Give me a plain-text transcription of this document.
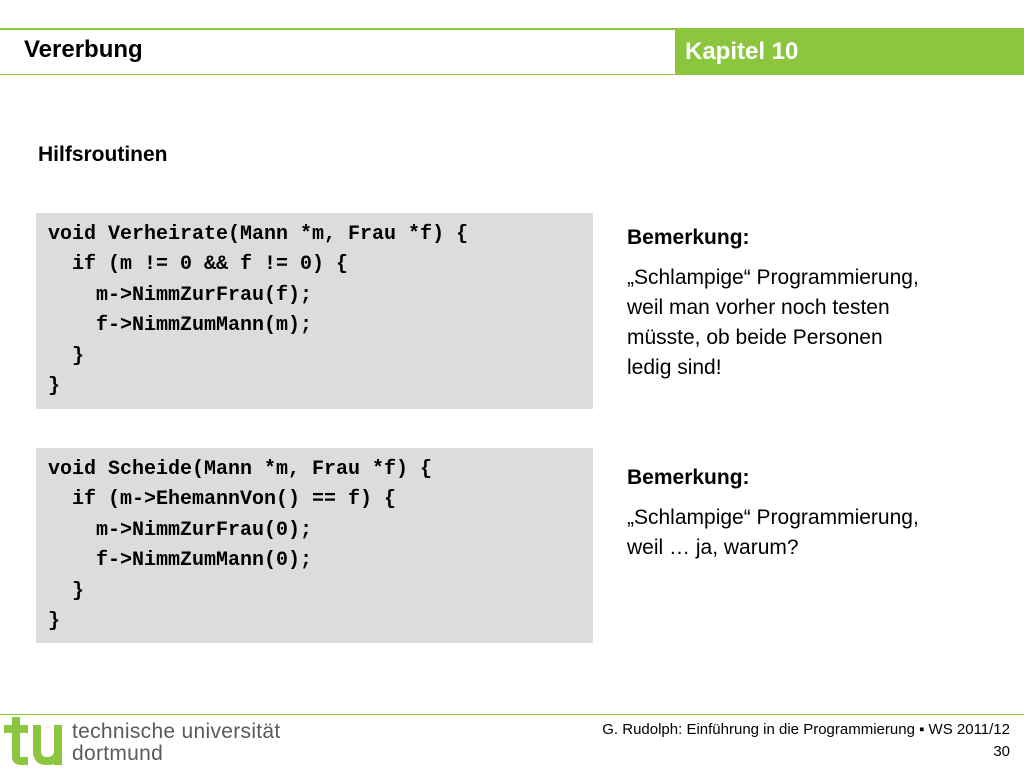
Vererbung	Kapitel 10
Hilfsroutinen
void Verheirate(Mann *m, Frau *f) {
if (m != 0 && f != 0) {
m->NimmZurFrau(f);
f->NimmZumMann(m);
}
}
void Scheide(Mann *m, Frau *f) {
if (m->EhemannVon() == f) {
m->NimmZurFrau(0);
f->NimmZumMann(0);
}
}
Bemerkung:
„Schlampige“ Programmierung,
weil man vorher noch testen
müsste, ob beide Personen
ledig sind!
Bemerkung:
„Schlampige“ Programmierung,
weil … ja, warum?
technische universität
dortmund
G. Rudolph: Einführung in die Programmierung ▪ WS 2011/12
30
